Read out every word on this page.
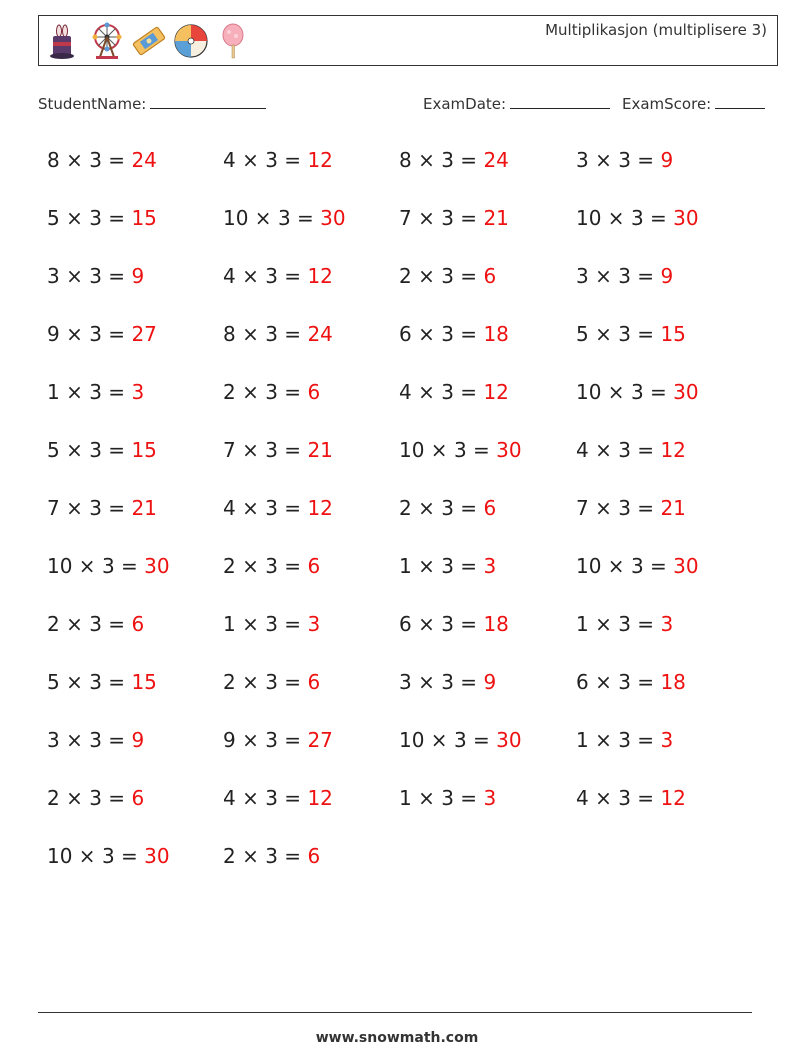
Multiplikasjon (multiplisere 3)
StudentName:	ExamDate:	ExamScore:
8 × 3 = 24	4 × 3 = 12	8 × 3 = 24	3 × 3 = 9
5 × 3 = 15	10 × 3 = 30	7 × 3 = 21	10 × 3 = 30
3 × 3 = 9	4 × 3 = 12	2 × 3 = 6	3 × 3 = 9
9 × 3 = 27	8 × 3 = 24	6 × 3 = 18	5 × 3 = 15
1 × 3 = 3	2 × 3 = 6	4 × 3 = 12	10 × 3 = 30
5 × 3 = 15	7 × 3 = 21	10 × 3 = 30	4 × 3 = 12
7 × 3 = 21	4 × 3 = 12	2 × 3 = 6	7 × 3 = 21
10 × 3 = 30	2 × 3 = 6	1 × 3 = 3	10 × 3 = 30
2 × 3 = 6	1 × 3 = 3	6 × 3 = 18	1 × 3 = 3
5 × 3 = 15	2 × 3 = 6	3 × 3 = 9	6 × 3 = 18
3 × 3 = 9	9 × 3 = 27	10 × 3 = 30	1 × 3 = 3
2 × 3 = 6	4 × 3 = 12	1 × 3 = 3	4 × 3 = 12
10 × 3 = 30	2 × 3 = 6
www.snowmath.com
